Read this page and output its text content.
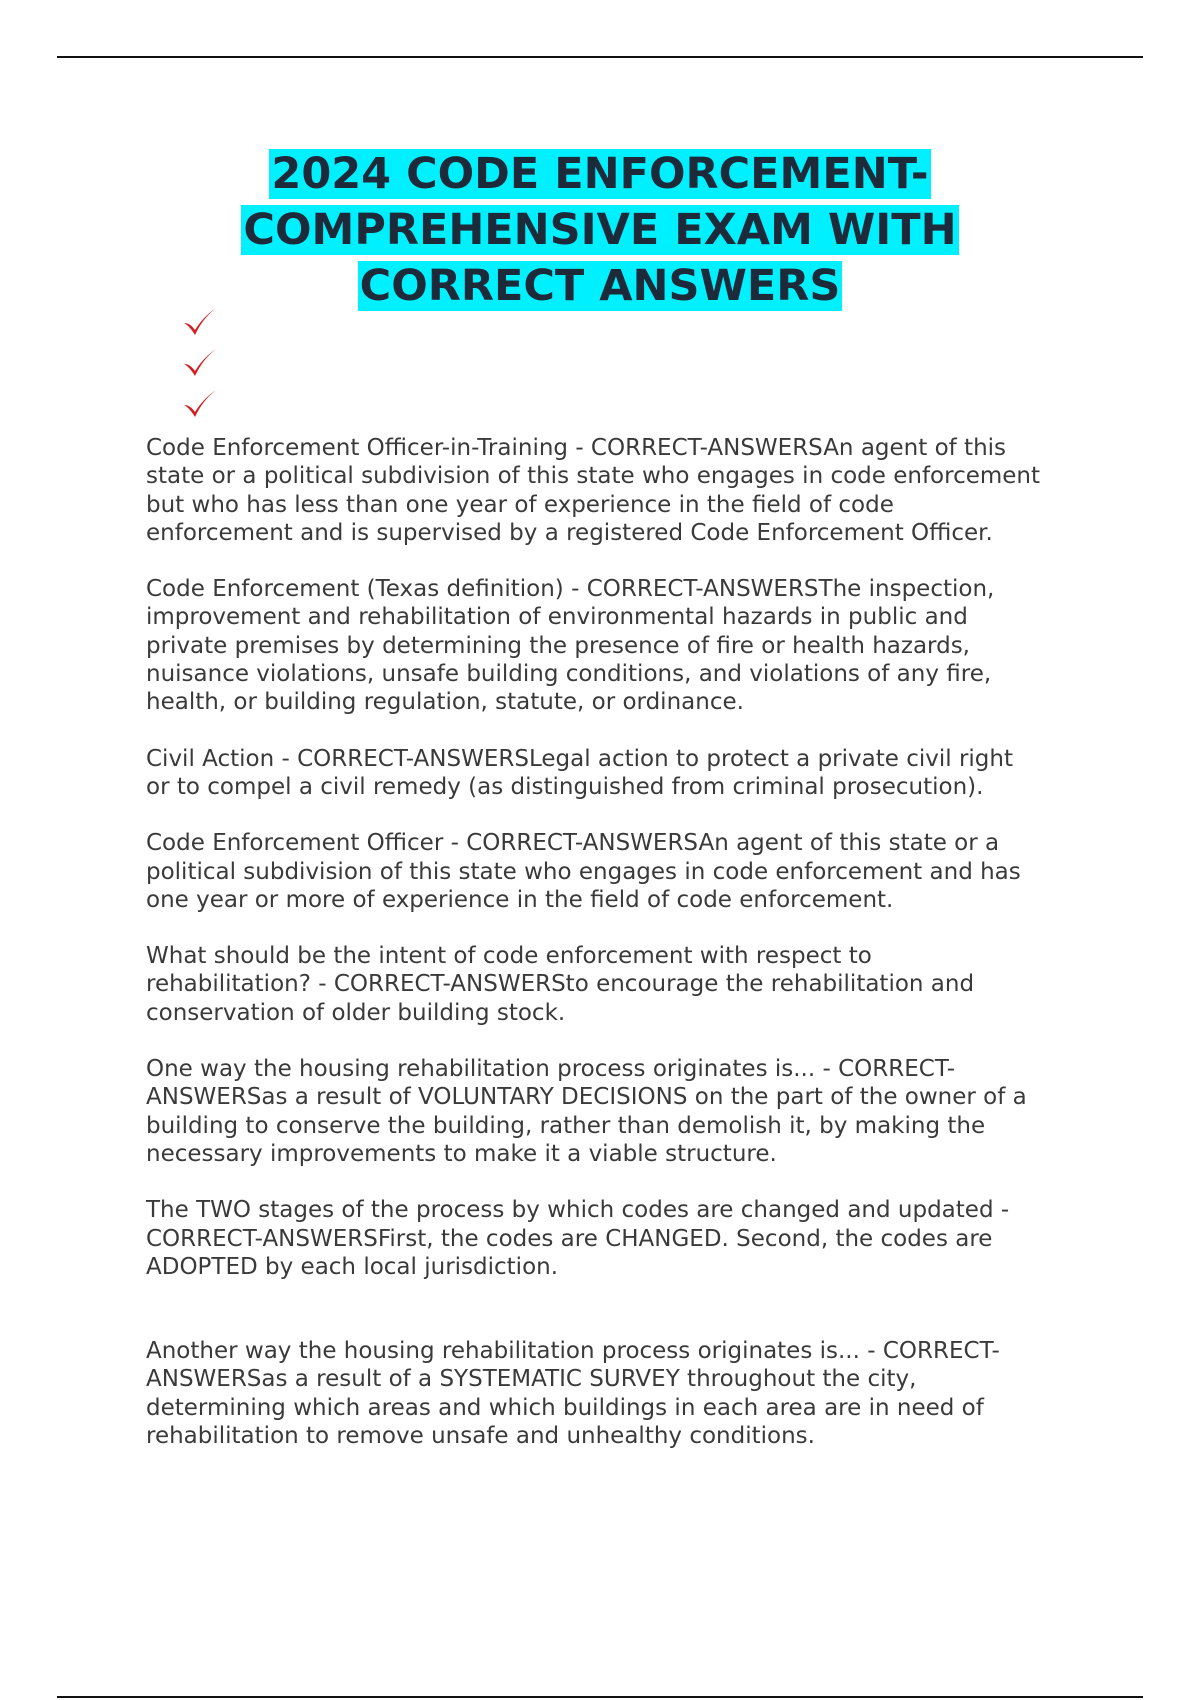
2024 CODE ENFORCEMENT-
COMPREHENSIVE EXAM WITH
CORRECT ANSWERS

Code Enforcement Officer-in-Training - CORRECT-ANSWERSAn agent of this
state or a political subdivision of this state who engages in code enforcement
but who has less than one year of experience in the field of code
enforcement and is supervised by a registered Code Enforcement Officer.

Code Enforcement (Texas definition) - CORRECT-ANSWERSThe inspection,
improvement and rehabilitation of environmental hazards in public and
private premises by determining the presence of fire or health hazards,
nuisance violations, unsafe building conditions, and violations of any fire,
health, or building regulation, statute, or ordinance.

Civil Action - CORRECT-ANSWERSLegal action to protect a private civil right
or to compel a civil remedy (as distinguished from criminal prosecution).

Code Enforcement Officer - CORRECT-ANSWERSAn agent of this state or a
political subdivision of this state who engages in code enforcement and has
one year or more of experience in the field of code enforcement.

What should be the intent of code enforcement with respect to
rehabilitation? - CORRECT-ANSWERSto encourage the rehabilitation and
conservation of older building stock.

One way the housing rehabilitation process originates is... - CORRECT-
ANSWERSas a result of VOLUNTARY DECISIONS on the part of the owner of a
building to conserve the building, rather than demolish it, by making the
necessary improvements to make it a viable structure.

The TWO stages of the process by which codes are changed and updated -
CORRECT-ANSWERSFirst, the codes are CHANGED. Second, the codes are
ADOPTED by each local jurisdiction.

Another way the housing rehabilitation process originates is... - CORRECT-
ANSWERSas a result of a SYSTEMATIC SURVEY throughout the city,
determining which areas and which buildings in each area are in need of
rehabilitation to remove unsafe and unhealthy conditions.
